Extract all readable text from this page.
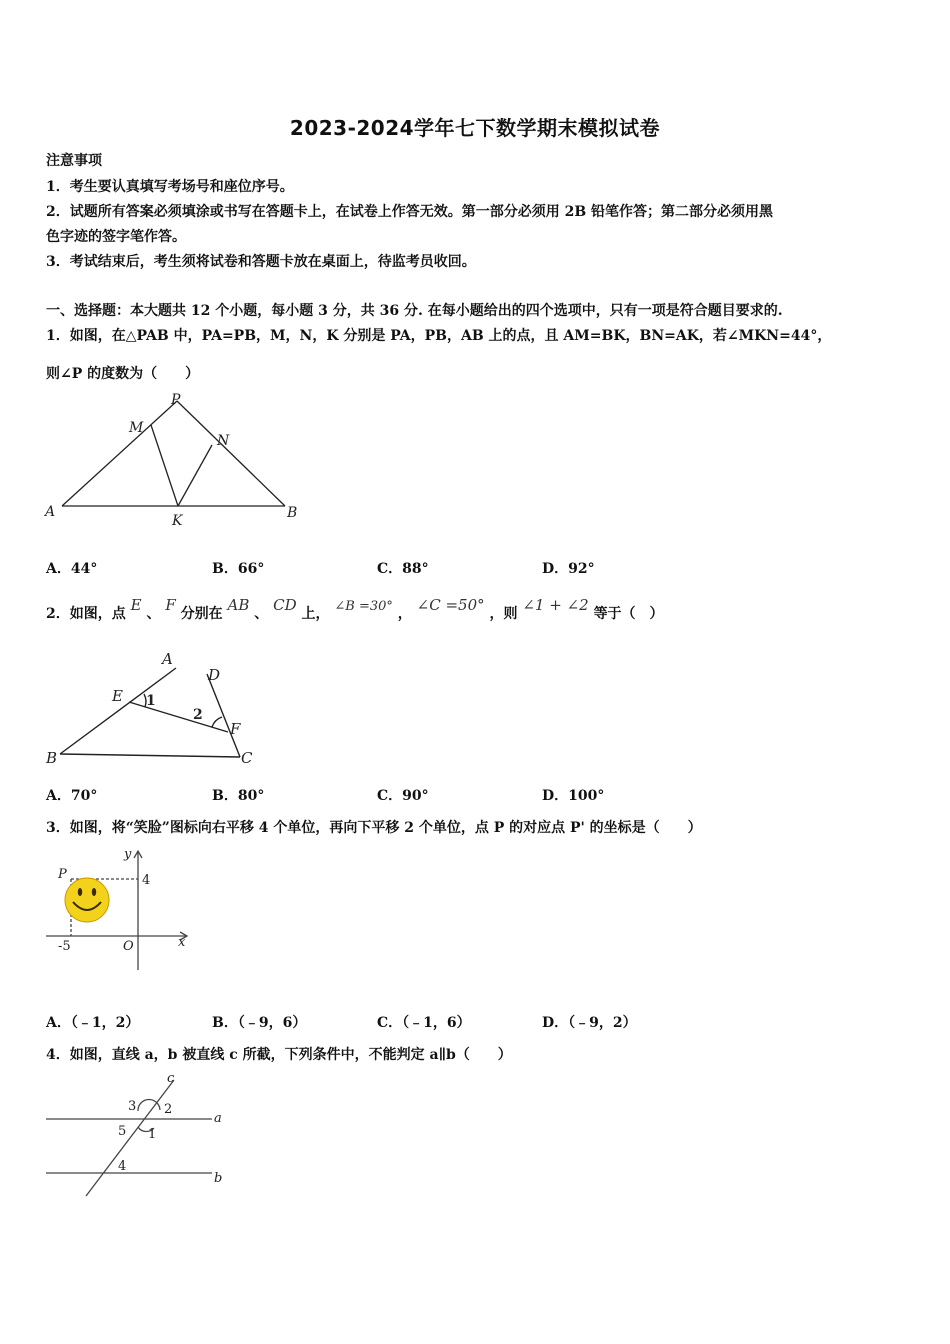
2023-2024学年七下数学期末模拟试卷
注意事项
1．考生要认真填写考场号和座位序号。
2．试题所有答案必须填涂或书写在答题卡上，在试卷上作答无效。第一部分必须用 2B 铅笔作答；第二部分必须用黑
色字迹的签字笔作答。
3．考试结束后，考生须将试卷和答题卡放在桌面上，待监考员收回。
一、选择题：本大题共 12 个小题，每小题 3 分，共 36 分. 在每小题给出的四个选项中，只有一项是符合题目要求的.
1．如图，在△PAB 中，PA=PB，M，N，K 分别是 PA，PB，AB 上的点，且 AM=BK，BN=AK，若∠MKN=44°，
则∠P 的度数为（　　）
P
M
N
A
K	B
A．44°	B．66°	C．88°	D．92°
2．如图，点 E 、 F 分别在 AB 、 CD 上， ∠B =30° ， ∠C =50° ，则 ∠1 + ∠2 等于（　）
A
D
E 1
2
F
B	C
A．70°	B．80°	C．90°	D．100°
3．如图，将“笑脸”图标向右平移 4 个单位，再向下平移 2 个单位，点 P 的对应点 P' 的坐标是（　　）
y
P	4
-5	O	x
A．（﹣1，2）	B．（﹣9，6）	C．（﹣1，6）	D．（﹣9，2）
4．如图，直线 a，b 被直线 c 所截，下列条件中，不能判定 a∥b（　　）
c
3 2
a
5 1
4
b
